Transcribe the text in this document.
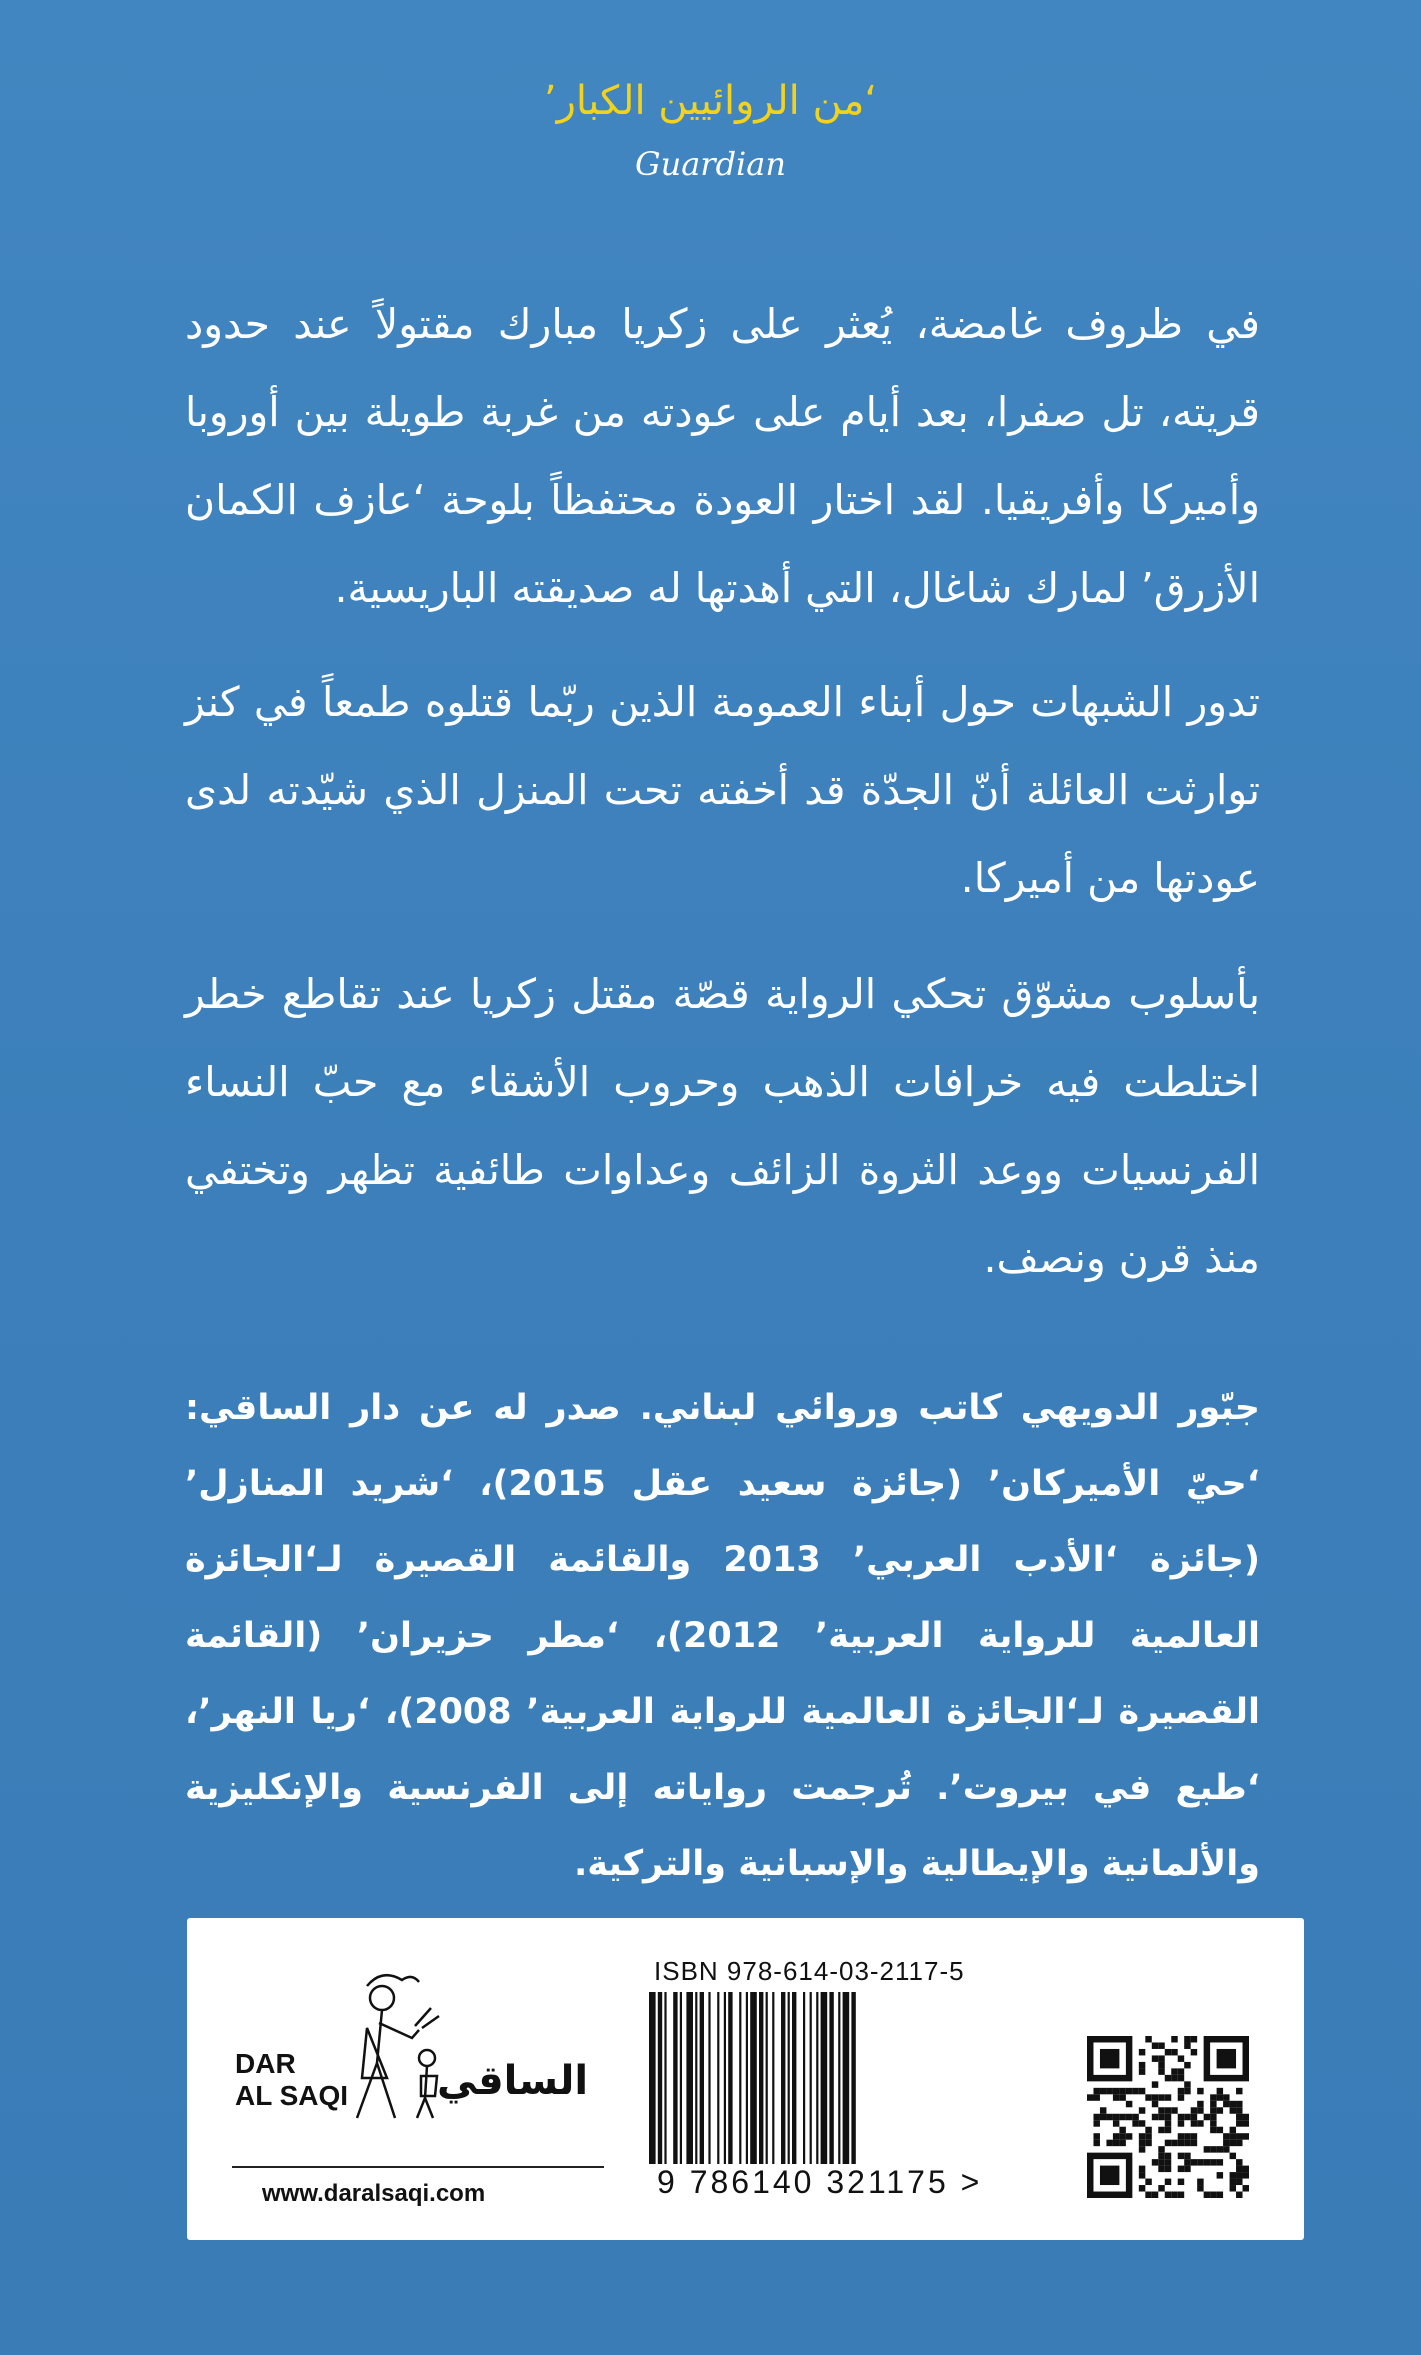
‘من الروائيين الكبار’
Guardian

في ظروف غامضة، يُعثر على زكريا مبارك مقتولاً عند حدود قريته، تل صفرا، بعد أيام على عودته من غربة طويلة بين أوروبا وأميركا وأفريقيا. لقد اختار العودة محتفظاً بلوحة ‘عازف الكمان الأزرق’ لمارك شاغال، التي أهدتها له صديقته الباريسية.

تدور الشبهات حول أبناء العمومة الذين ربّما قتلوه طمعاً في كنز توارثت العائلة أنّ الجدّة قد أخفته تحت المنزل الذي شيّدته لدى عودتها من أميركا.

بأسلوب مشوّق تحكي الرواية قصّة مقتل زكريا عند تقاطع خطر اختلطت فيه خرافات الذهب وحروب الأشقاء مع حبّ النساء الفرنسيات ووعد الثروة الزائف وعداوات طائفية تظهر وتختفي منذ قرن ونصف.

جبّور الدويهي كاتب وروائي لبناني. صدر له عن دار الساقي: ‘حيّ الأميركان’ (جائزة سعيد عقل 2015)، ‘شريد المنازل’ (جائزة ‘الأدب العربي’ 2013 والقائمة القصيرة لـ‘الجائزة العالمية للرواية العربية’ 2012)، ‘مطر حزيران’ (القائمة القصيرة لـ‘الجائزة العالمية للرواية العربية’ 2008)، ‘ريا النهر’، ‘طبع في بيروت’. تُرجمت رواياته إلى الفرنسية والإنكليزية والألمانية والإيطالية والإسبانية والتركية.

DAR
AL SAQI الساقي
www.daralsaqi.com
ISBN 978-614-03-2117-5
9 786140 321175 >
